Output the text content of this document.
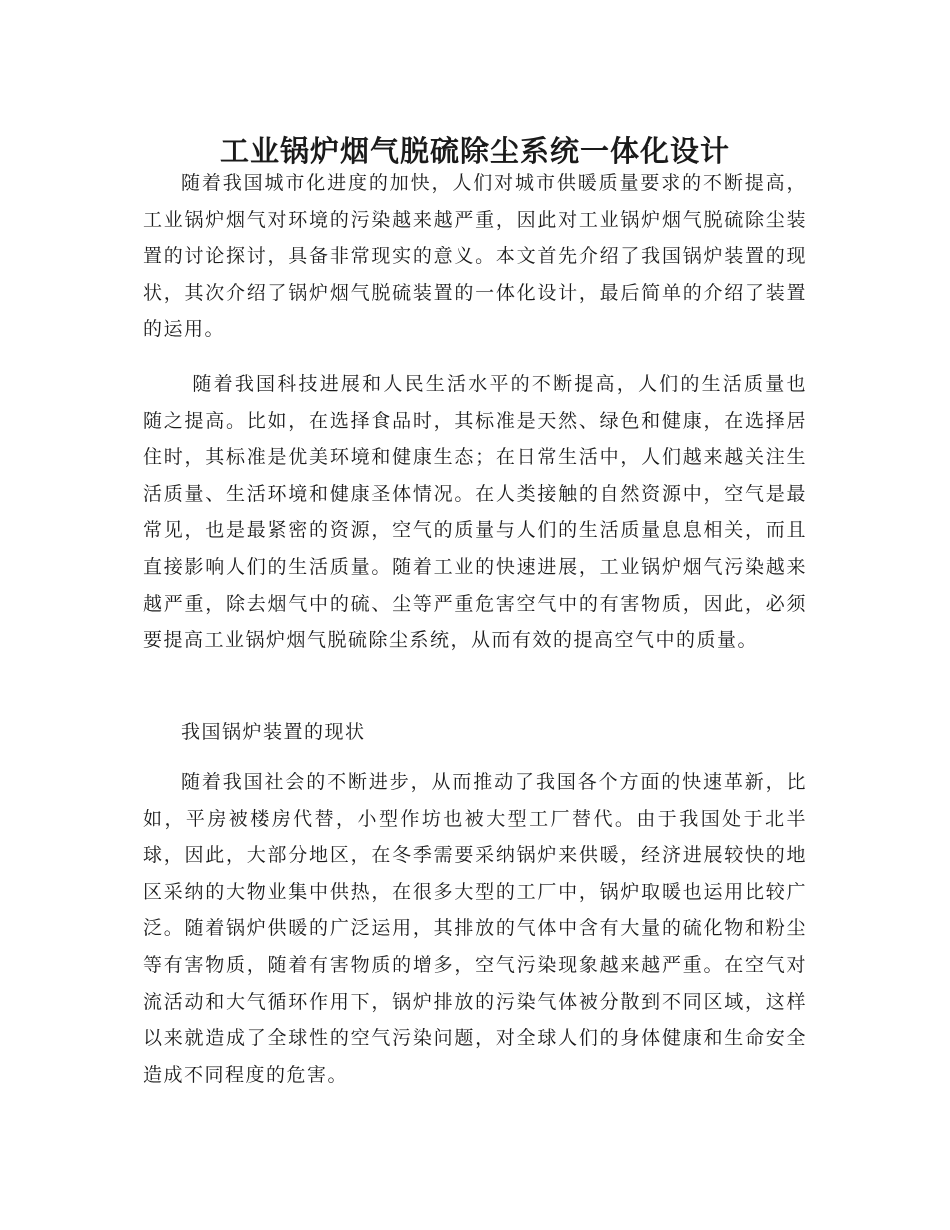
工业锅炉烟气脱硫除尘系统一体化设计

随着我国城市化进度的加快，人们对城市供暖质量要求的不断提高，工业锅炉烟气对环境的污染越来越严重，因此对工业锅炉烟气脱硫除尘装置的讨论探讨，具备非常现实的意义。本文首先介绍了我国锅炉装置的现状，其次介绍了锅炉烟气脱硫装置的一体化设计，最后简单的介绍了装置的运用。

随着我国科技进展和人民生活水平的不断提高，人们的生活质量也随之提高。比如，在选择食品时，其标准是天然、绿色和健康，在选择居住时，其标准是优美环境和健康生态；在日常生活中，人们越来越关注生活质量、生活环境和健康圣体情况。在人类接触的自然资源中，空气是最常见，也是最紧密的资源，空气的质量与人们的生活质量息息相关，而且直接影响人们的生活质量。随着工业的快速进展，工业锅炉烟气污染越来越严重，除去烟气中的硫、尘等严重危害空气中的有害物质，因此，必须要提高工业锅炉烟气脱硫除尘系统，从而有效的提高空气中的质量。

我国锅炉装置的现状

随着我国社会的不断进步，从而推动了我国各个方面的快速革新，比如，平房被楼房代替，小型作坊也被大型工厂替代。由于我国处于北半球，因此，大部分地区，在冬季需要采纳锅炉来供暖，经济进展较快的地区采纳的大物业集中供热，在很多大型的工厂中，锅炉取暖也运用比较广泛。随着锅炉供暖的广泛运用，其排放的气体中含有大量的硫化物和粉尘等有害物质，随着有害物质的增多，空气污染现象越来越严重。在空气对流活动和大气循环作用下，锅炉排放的污染气体被分散到不同区域，这样以来就造成了全球性的空气污染问题，对全球人们的身体健康和生命安全造成不同程度的危害。
